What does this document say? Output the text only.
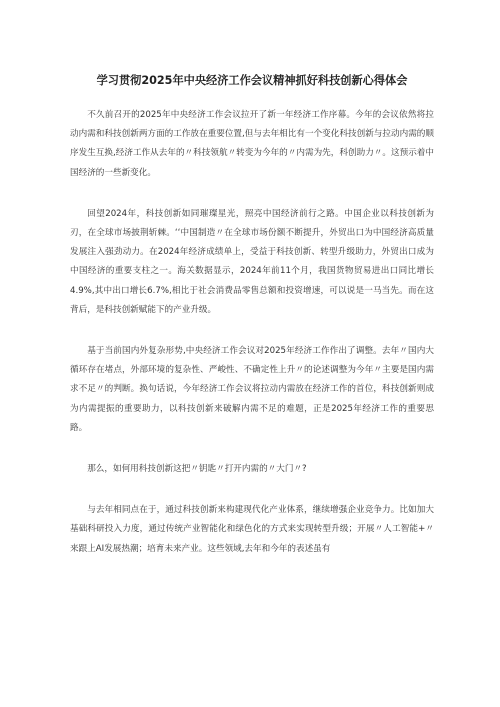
学习贯彻2025年中央经济工作会议精神抓好科技创新心得体会

不久前召开的2025年中央经济工作会议拉开了新一年经济工作序幕。今年的会议依然将拉动内需和科技创新两方面的工作放在重要位置,但与去年相比有一个变化科技创新与拉动内需的顺序发生互换,经济工作从去年的〃科技领航〃转变为今年的〃内需为先，科创助力〃。这预示着中国经济的一些新变化。

回望2024年，科技创新如同璀璨星光，照亮中国经济前行之路。中国企业以科技创新为刃，在全球市场披荆斩棘。‘‘中国制造〃在全球市场份额不断提升，外贸出口为中国经济高质量发展注入强劲动力。在2024年经济成绩单上，受益于科技创新、转型升级助力，外贸出口成为中国经济的重要支柱之一。海关数据显示，2024年前11个月，我国货物贸易进出口同比增长4.9%,其中出口增长6.7%,相比于社会消费品零售总额和投资增速，可以说是一马当先。而在这背后，是科技创新赋能下的产业升级。

基于当前国内外复杂形势,中央经济工作会议对2025年经济工作作出了调整。去年〃国内大循环存在堵点，外部环境的复杂性、严峻性、不确定性上升〃的论述调整为今年〃主要是国内需求不足〃的判断。换句话说，今年经济工作会议将拉动内需放在经济工作的首位，科技创新则成为内需提振的重要助力，以科技创新来破解内需不足的难题，正是2025年经济工作的重要思路。

那么，如何用科技创新这把〃钥匙〃打开内需的〃大门〃?

与去年相同点在于，通过科技创新来构建现代化产业体系，继续增强企业竞争力。比如加大基础科研投入力度，通过传统产业智能化和绿色化的方式来实现转型升级；开展〃人工智能+〃来跟上AI发展热潮；培育未来产业。这些领域,去年和今年的表述虽有
